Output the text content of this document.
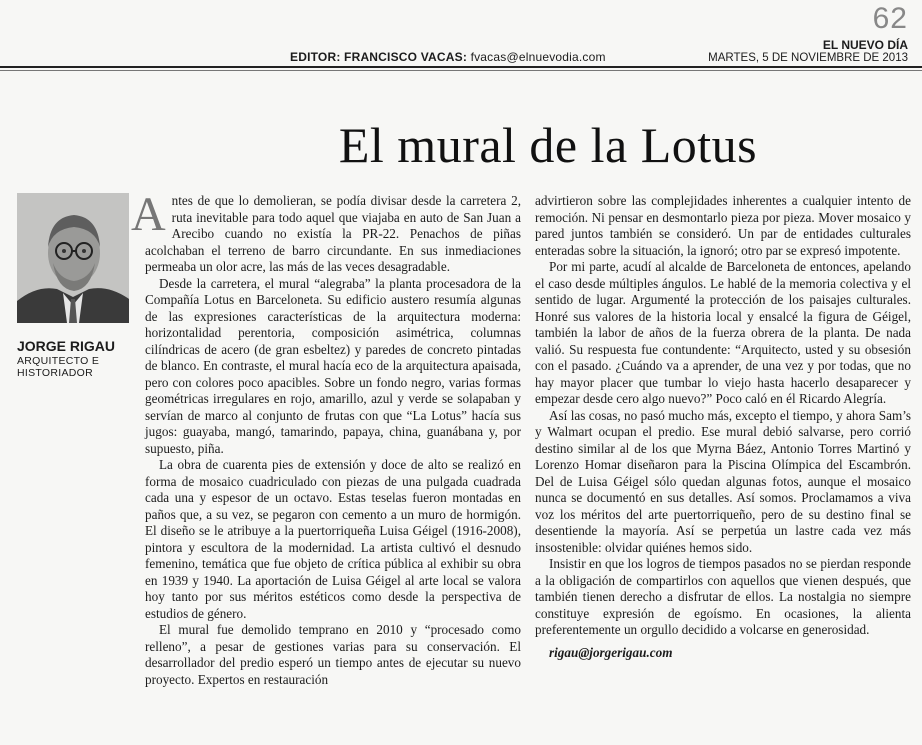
EDITOR: FRANCISCO VACAS: fvacas@elnuevodia.com
62
EL NUEVO DÍA
MARTES, 5 DE NOVIEMBRE DE 2013
El mural de la Lotus
JORGE RIGAU
ARQUITECTO E HISTORIADOR

Antes de que lo demolieran, se podía divisar desde la carretera 2, ruta inevitable para todo aquel que viajaba en auto de San Juan a Arecibo cuando no existía la PR-22. Penachos de piñas acolchaban el terreno de barro circundante. En sus inmediaciones permeaba un olor acre, las más de las veces desagradable.

Desde la carretera, el mural “alegraba” la planta procesadora de la Compañía Lotus en Barceloneta. Su edificio austero resumía algunas de las expresiones características de la arquitectura moderna: horizontalidad perentoria, composición asimétrica, columnas cilíndricas de acero (de gran esbeltez) y paredes de concreto pintadas de blanco. En contraste, el mural hacía eco de la arquitectura apaisada, pero con colores poco apacibles. Sobre un fondo negro, varias formas geométricas irregulares en rojo, amarillo, azul y verde se solapaban y servían de marco al conjunto de frutas con que “La Lotus” hacía sus jugos: guayaba, mangó, tamarindo, papaya, china, guanábana y, por supuesto, piña.

La obra de cuarenta pies de extensión y doce de alto se realizó en forma de mosaico cuadriculado con piezas de una pulgada cuadrada cada una y espesor de un octavo. Estas teselas fueron montadas en paños que, a su vez, se pegaron con cemento a un muro de hormigón. El diseño se le atribuye a la puertorriqueña Luisa Géigel (1916-2008), pintora y escultora de la modernidad. La artista cultivó el desnudo femenino, temática que fue objeto de crítica pública al exhibir su obra en 1939 y 1940. La aportación de Luisa Géigel al arte local se valora hoy tanto por sus méritos estéticos como desde la perspectiva de estudios de género.

El mural fue demolido temprano en 2010 y “procesado como relleno”, a pesar de gestiones varias para su conservación. El desarrollador del predio esperó un tiempo antes de ejecutar su nuevo proyecto. Expertos en restauración

advirtieron sobre las complejidades inherentes a cualquier intento de remoción. Ni pensar en desmontarlo pieza por pieza. Mover mosaico y pared juntos también se consideró. Un par de entidades culturales enteradas sobre la situación, la ignoró; otro par se expresó impotente.

Por mi parte, acudí al alcalde de Barceloneta de entonces, apelando el caso desde múltiples ángulos. Le hablé de la memoria colectiva y el sentido de lugar. Argumenté la protección de los paisajes culturales. Honré sus valores de la historia local y ensalcé la figura de Géigel, también la labor de años de la fuerza obrera de la planta. De nada valió. Su respuesta fue contundente: “Arquitecto, usted y su obsesión con el pasado. ¿Cuándo va a aprender, de una vez y por todas, que no hay mayor placer que tumbar lo viejo hasta hacerlo desaparecer y empezar desde cero algo nuevo?” Poco caló en él Ricardo Alegría.

Así las cosas, no pasó mucho más, excepto el tiempo, y ahora Sam’s y Walmart ocupan el predio. Ese mural debió salvarse, pero corrió destino similar al de los que Myrna Báez, Antonio Torres Martinó y Lorenzo Homar diseñaron para la Piscina Olímpica del Escambrón. Del de Luisa Géigel sólo quedan algunas fotos, aunque el mosaico nunca se documentó en sus detalles. Así somos. Proclamamos a viva voz los méritos del arte puertorriqueño, pero de su destino final se desentiende la mayoría. Así se perpetúa un lastre cada vez más insostenible: olvidar quiénes hemos sido.

Insistir en que los logros de tiempos pasados no se pierdan responde a la obligación de compartirlos con aquellos que vienen después, que también tienen derecho a disfrutar de ellos. La nostalgia no siempre constituye expresión de egoísmo. En ocasiones, la alienta preferentemente un orgullo decidido a volcarse en generosidad.

rigau@jorgerigau.com
